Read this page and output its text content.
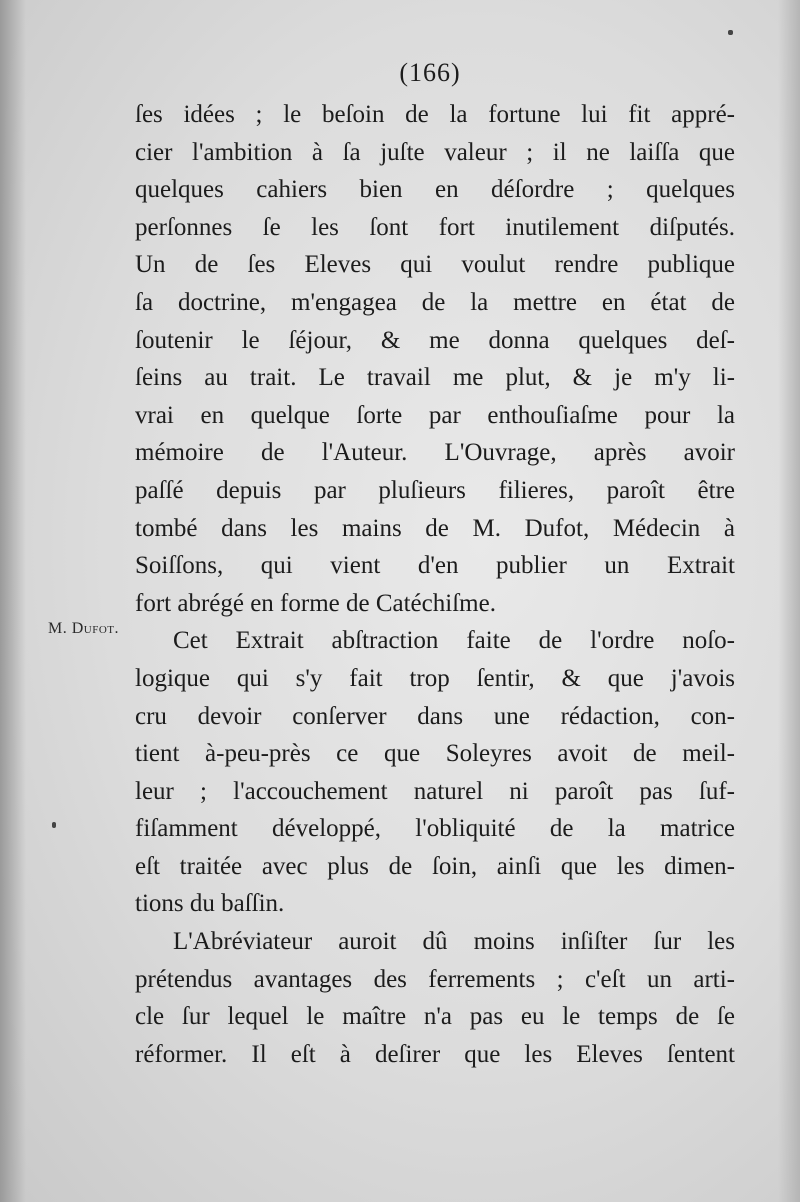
(166)
M. Dufot.
ſes idées ; le beſoin de la fortune lui fit appré-
cier l'ambition à ſa juſte valeur ; il ne laiſſa que
quelques cahiers bien en déſordre ; quelques
perſonnes ſe les ſont fort inutilement diſputés.
Un de ſes Eleves qui voulut rendre publique
ſa doctrine, m'engagea de la mettre en état de
ſoutenir le ſéjour, & me donna quelques deſ-
ſeins au trait. Le travail me plut, & je m'y li-
vrai en quelque ſorte par enthouſiaſme pour la
mémoire de l'Auteur. L'Ouvrage, après avoir
paſſé depuis par pluſieurs filieres, paroît être
tombé dans les mains de M. Dufot, Médecin à
Soiſſons, qui vient d'en publier un Extrait
fort abrégé en forme de Catéchiſme.
Cet Extrait abſtraction faite de l'ordre noſo-
logique qui s'y fait trop ſentir, & que j'avois
cru devoir conſerver dans une rédaction, con-
tient à-peu-près ce que Soleyres avoit de meil-
leur ; l'accouchement naturel ni paroît pas ſuf-
fiſamment développé, l'obliquité de la matrice
eſt traitée avec plus de ſoin, ainſi que les dimen-
tions du baſſin.
L'Abréviateur auroit dû moins inſiſter ſur les
prétendus avantages des ferrements ; c'eſt un arti-
cle ſur lequel le maître n'a pas eu le temps de ſe
réformer. Il eſt à deſirer que les Eleves ſentent
